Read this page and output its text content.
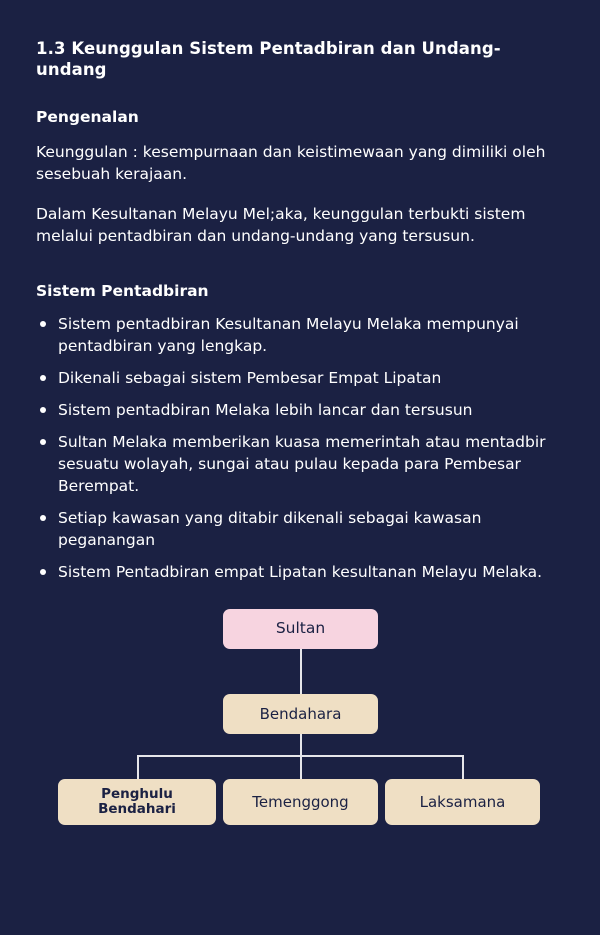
1.3 Keunggulan Sistem Pentadbiran dan Undang-undang
Pengenalan

Keunggulan : kesempurnaan dan keistimewaan yang dimiliki oleh sesebuah kerajaan.

Dalam Kesultanan Melayu Mel;aka, keunggulan terbukti sistem melalui pentadbiran dan undang-undang yang tersusun.

Sistem Pentadbiran
Sistem pentadbiran Kesultanan Melayu Melaka mempunyai pentadbiran yang lengkap.
Dikenali sebagai sistem Pembesar Empat Lipatan
Sistem pentadbiran Melaka lebih lancar dan tersusun
Sultan Melaka memberikan kuasa memerintah atau mentadbir sesuatu wolayah, sungai atau pulau kepada para Pembesar Berempat.
Setiap kawasan yang ditabir dikenali sebagai kawasan peganangan
Sistem Pentadbiran empat Lipatan kesultanan Melayu Melaka.
Sultan
Bendahara
Penghulu
Bendahari	Temenggong	Laksamana
